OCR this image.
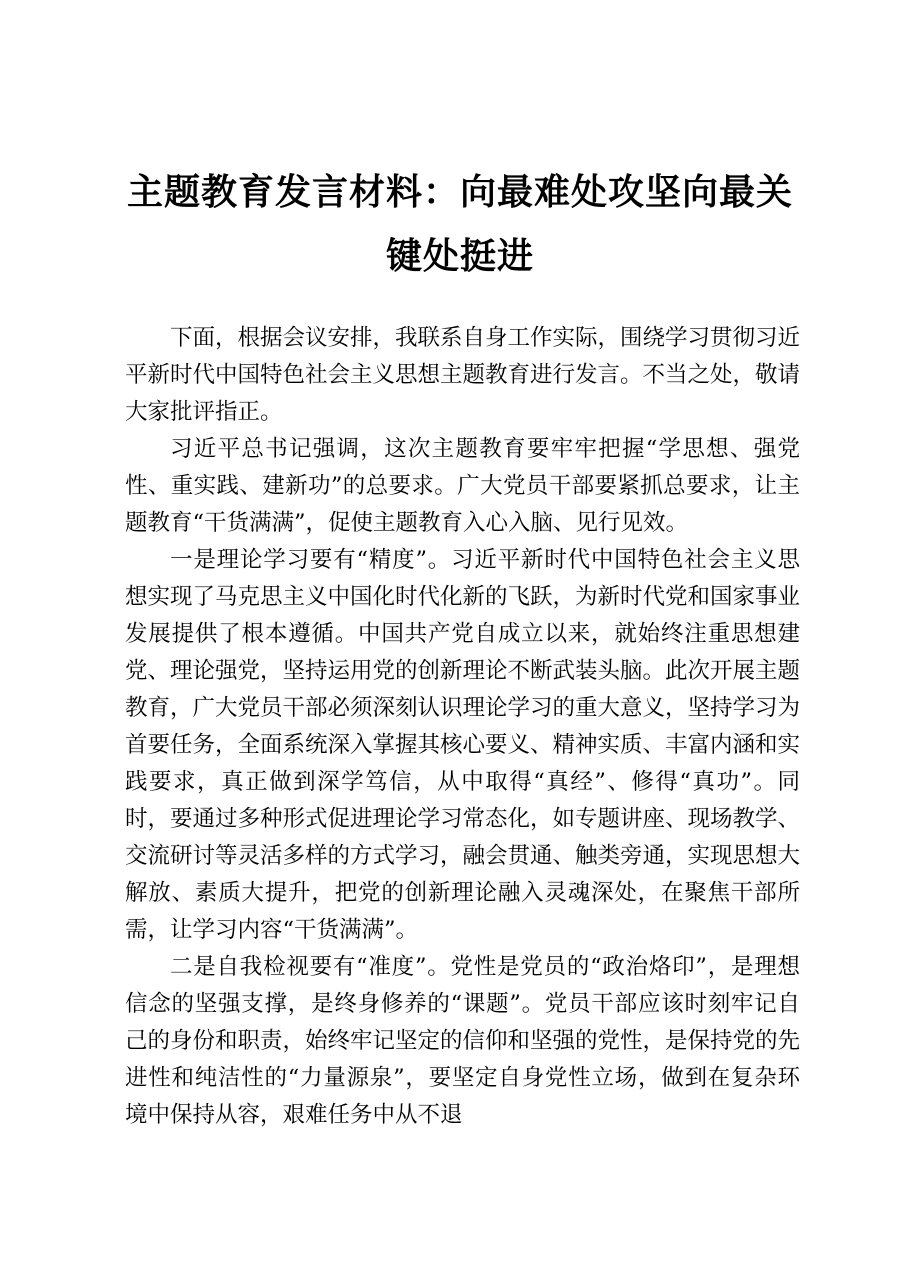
主题教育发言材料：向最难处攻坚向最关键处挺进

下面，根据会议安排，我联系自身工作实际，围绕学习贯彻习近平新时代中国特色社会主义思想主题教育进行发言。不当之处，敬请大家批评指正。

习近平总书记强调，这次主题教育要牢牢把握“学思想、强党性、重实践、建新功”的总要求。广大党员干部要紧抓总要求，让主题教育“干货满满”，促使主题教育入心入脑、见行见效。

一是理论学习要有“精度”。习近平新时代中国特色社会主义思想实现了马克思主义中国化时代化新的飞跃，为新时代党和国家事业发展提供了根本遵循。中国共产党自成立以来，就始终注重思想建党、理论强党，坚持运用党的创新理论不断武装头脑。此次开展主题教育，广大党员干部必须深刻认识理论学习的重大意义，坚持学习为首要任务，全面系统深入掌握其核心要义、精神实质、丰富内涵和实践要求，真正做到深学笃信，从中取得“真经”、修得“真功”。同时，要通过多种形式促进理论学习常态化，如专题讲座、现场教学、交流研讨等灵活多样的方式学习，融会贯通、触类旁通，实现思想大解放、素质大提升，把党的创新理论融入灵魂深处，在聚焦干部所需，让学习内容“干货满满”。

二是自我检视要有“准度”。党性是党员的“政治烙印”，是理想信念的坚强支撑，是终身修养的“课题”。党员干部应该时刻牢记自己的身份和职责，始终牢记坚定的信仰和坚强的党性，是保持党的先进性和纯洁性的“力量源泉”，要坚定自身党性立场，做到在复杂环境中保持从容，艰难任务中从不退
